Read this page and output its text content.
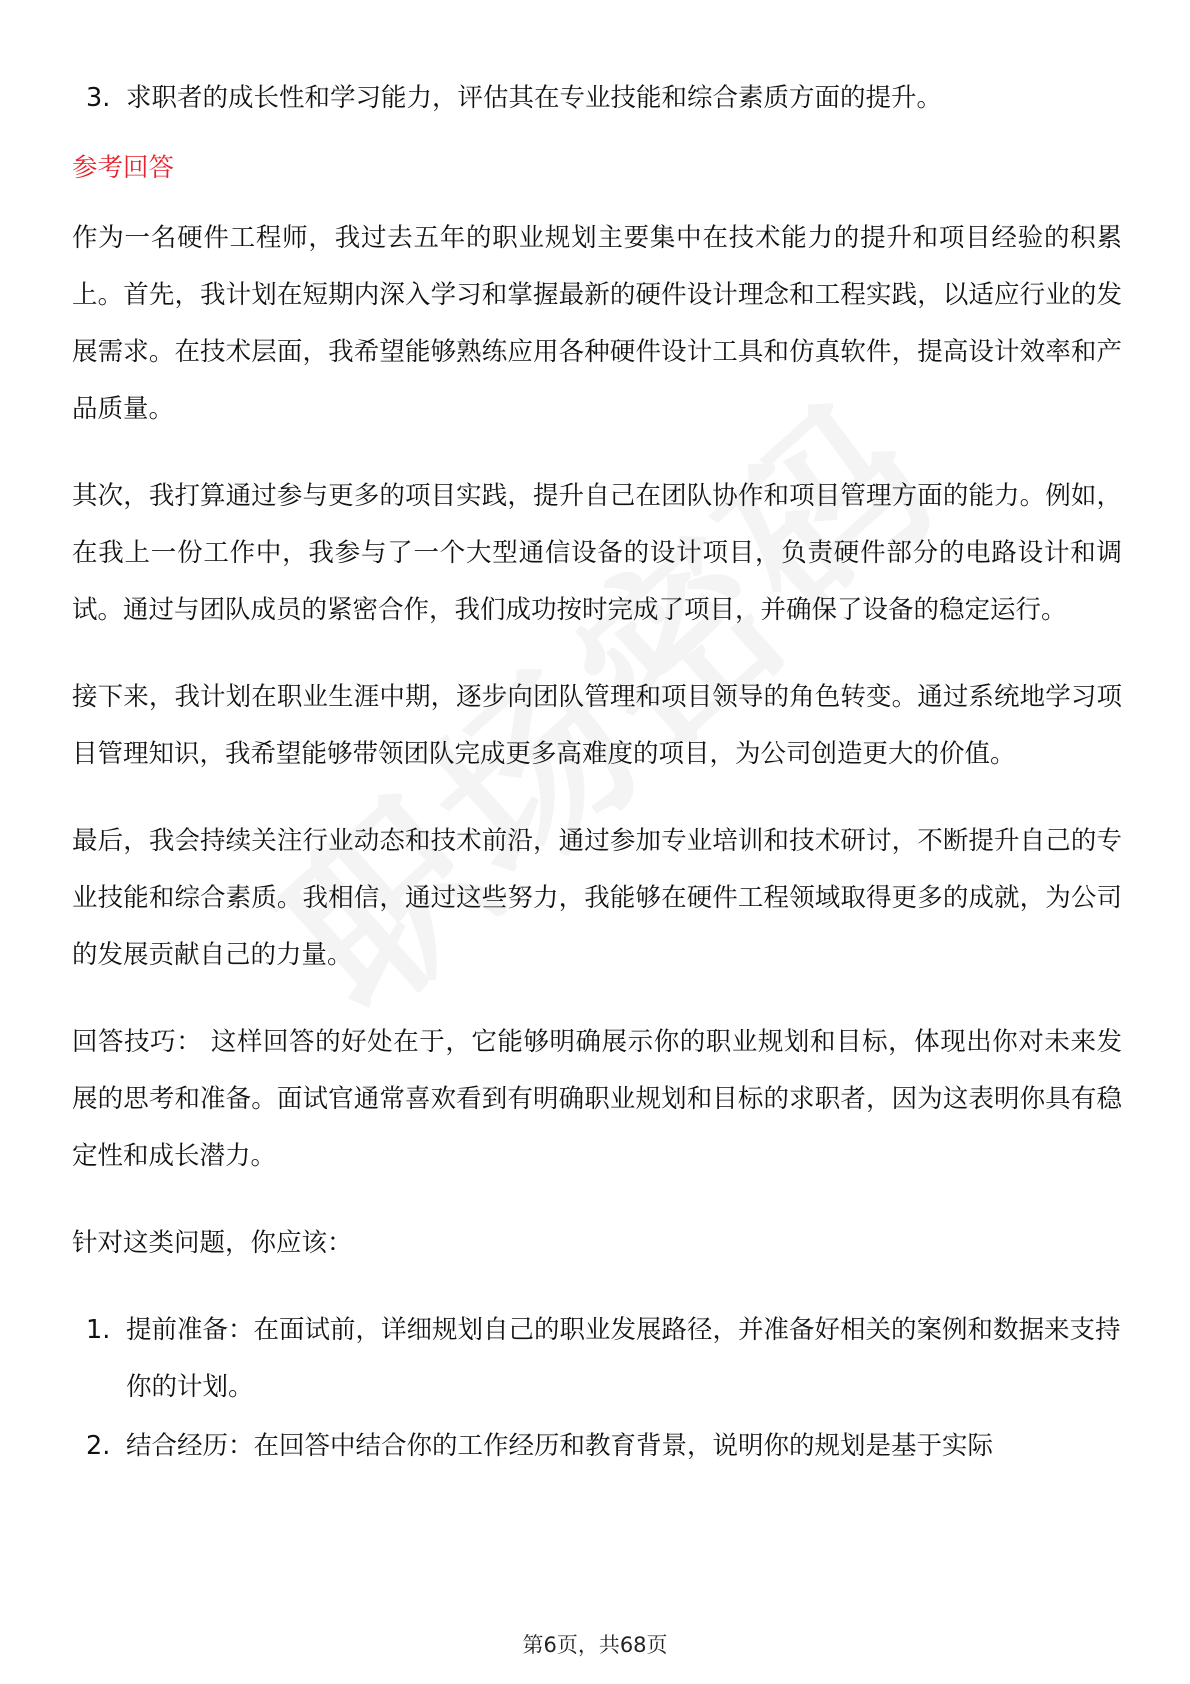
3. 求职者的成长性和学习能力，评估其在专业技能和综合素质方面的提升。
参考回答

作为一名硬件工程师，我过去五年的职业规划主要集中在技术能力的提升和项目经验的积累上。首先，我计划在短期内深入学习和掌握最新的硬件设计理念和工程实践，以适应行业的发展需求。在技术层面，我希望能够熟练应用各种硬件设计工具和仿真软件，提高设计效率和产品质量。

其次，我打算通过参与更多的项目实践，提升自己在团队协作和项目管理方面的能力。例如，在我上一份工作中，我参与了一个大型通信设备的设计项目，负责硬件部分的电路设计和调试。通过与团队成员的紧密合作，我们成功按时完成了项目，并确保了设备的稳定运行。

接下来，我计划在职业生涯中期，逐步向团队管理和项目领导的角色转变。通过系统地学习项目管理知识，我希望能够带领团队完成更多高难度的项目，为公司创造更大的价值。

最后，我会持续关注行业动态和技术前沿，通过参加专业培训和技术研讨，不断提升自己的专业技能和综合素质。我相信，通过这些努力，我能够在硬件工程领域取得更多的成就，为公司的发展贡献自己的力量。

回答技巧： 这样回答的好处在于，它能够明确展示你的职业规划和目标，体现出你对未来发展的思考和准备。面试官通常喜欢看到有明确职业规划和目标的求职者，因为这表明你具有稳定性和成长潜力。

针对这类问题，你应该：
1. 提前准备：在面试前，详细规划自己的职业发展路径，并准备好相关的案例和数据来支持你的计划。
2. 结合经历：在回答中结合你的工作经历和教育背景，说明你的规划是基于实际
第6页，共68页
